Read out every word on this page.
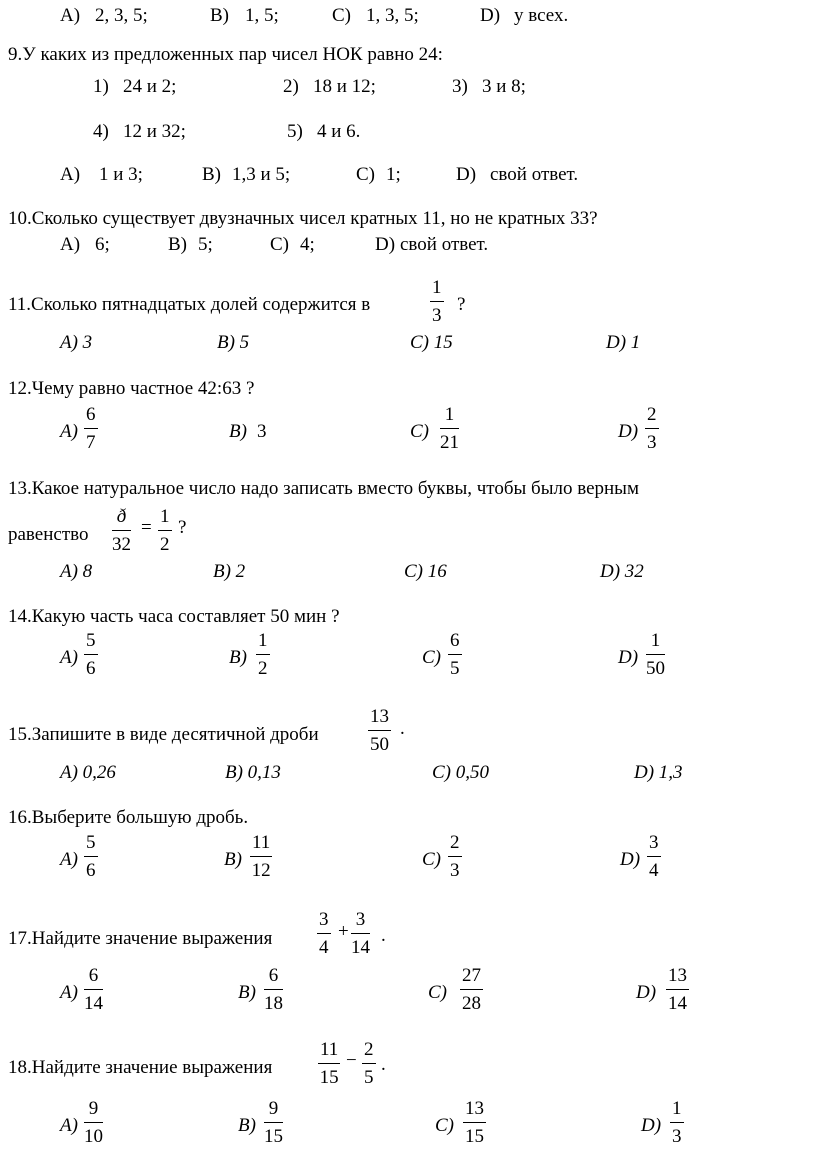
A) 2, 3, 5;	B) 1, 5;	C) 1, 3, 5;	D) у всех.
9.У каких из предложенных пар чисел НОК равно 24:
1) 24 и 2;	2) 18 и 12;	3) 3 и 8;
4) 12 и 32;	5) 4 и 6.
A) 1 и 3;	B) 1,3 и 5;	C) 1;	D) свой ответ.
10.Сколько существует двузначных чисел кратных 11, но не кратных 33?
A) 6;	B) 5;	C) 4;	D) свой ответ.
11.Сколько пятнадцатых долей содержится в	$\frac{1}{3}$ ?
A) 3	B) 5	C) 15	D) 1
12.Чему равно частное 42:63 ?
$A) \frac{6}{7}$	B) 3	$C) \frac{1}{21}$	$D) \frac{2}{3}$
13.Какое натуральное число надо записать вместо буквы, чтобы было верным
равенство $\frac{ð}{32} = \frac{1}{2}$ ?
A) 8	B) 2	C) 16	D) 32
14.Какую часть часа составляет 50 мин ?
$A) \frac{5}{6}$	$B) \frac{1}{2}$	$C) \frac{6}{5}$	$D) \frac{1}{50}$
15.Запишите в виде десятичной дроби	$\frac{13}{50}$ .
A) 0,26	B) 0,13	C) 0,50	D) 1,3
16.Выберите большую дробь.
$A) \frac{5}{6}$	$B) \frac{11}{12}$	$C) \frac{2}{3}$	$D) \frac{3}{4}$
17.Найдите значение выражения $\frac{3}{4} + \frac{3}{14}$ .
$A) \frac{6}{14}$	$B) \frac{6}{18}$	$C) \frac{27}{28}$	$D) \frac{13}{14}$
18.Найдите значение выражения $\frac{11}{15} - \frac{2}{5}$ .
$A) \frac{9}{10}$	$B) \frac{9}{15}$	$C) \frac{13}{15}$	$D) \frac{1}{3}$
